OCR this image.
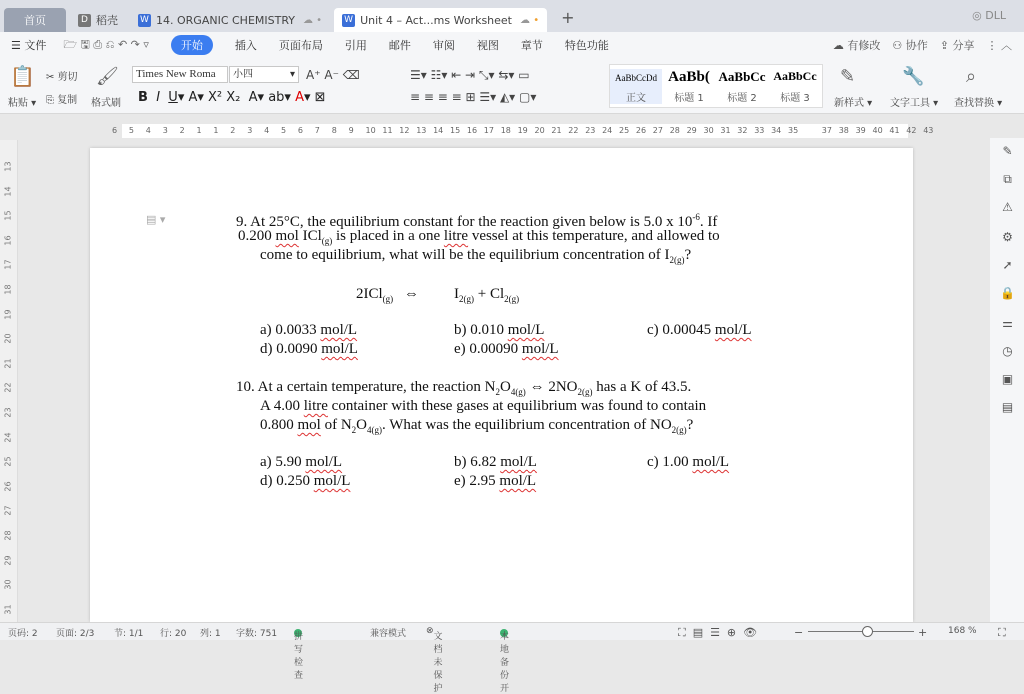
首页	D 稻壳 W 14. ORGANIC CHEMISTRY ☁ • W Unit 4 – Act...ms Worksheet ☁ • +	◎ DLL
☰ 文件 🗁 🖫 ⎙ ⎌ ↶ ↷ ▿	开始	插入 页面布局 引用 邮件 审阅 视图 章节 特色功能	☁ 有修改 ⚇ 协作 ⇪ 分享 ⋮ ︿
📋
粘贴 ▾
✂ 剪切
⎘ 复制
🖌
格式刷
Times New Roma	小四	▾ A⁺ A⁻ ⌫
B I U▾ A▾ X² X₂  A▾ ab▾ A▾ ⊠
☰▾ ☷▾ ⇤ ⇥ ⤡▾ ⇆▾ ▭
≡ ≡ ≡ ≡ ⊞ ☰▾ ◭▾ ▢▾
AaBbCcDd
正文
AaBb(
标题 1
AaBbCc
标题 2
AaBbCc
标题 3
✎
新样式 ▾
🔧
文字工具 ▾
⌕
查找替换 ▾
6 5 4 3 2 1 1 2 3 4 5 6 7 8 9 10 11 12 13 14 15 16 17 18 19 20 21 22 23 24 25 26 27 28 29 30 31 32 33 34 35	37 38 39 40 41 42 43
13
14
15
16
17
18
19
20
21
22
23
24
25
26
27
28
29
30
31
▤ ▾	9. At 25°C, the equilibrium constant for the reaction given below is 5.0 x $10^{-6}$. If
0.200 mol ICl$_{(g)}$ is placed in a one litre vessel at this temperature, and allowed to
come to equilibrium, what will be the equilibrium concentration of $I_{2(g)}$?
2ICl$_{(g)}$ ⇔ $I_{2(g)} + Cl_{2(g)}$
a) 0.0033 mol/L	b) 0.010 mol/L	c) 0.00045 mol/L
d) 0.0090 mol/L	e) 0.00090 mol/L
10. At a certain temperature, the reaction $N_2O_{4(g)}$ ⇔ $2NO_{2(g)}$ has a K of 43.5.
A 4.00 litre container with these gases at equilibrium was found to contain
0.800 mol of $N_2O_{4(g)}$. What was the equilibrium concentration of $NO_{2(g)}$?
a) 5.90 mol/L	b) 6.82 mol/L	c) 1.00 mol/L
d) 0.250 mol/L	e) 2.95 mol/L
✎
⧉
⚠
⚙
➚
🔒
⚌
◷
▣
▤
页码: 2 页面: 2/3 节: 1/1 行: 20 列: 1 字数: 751 拼写检查
兼容模式 ⊗
文档未保护
本地备份开
⛶  ▤  ☰  ⊕  👁	−	+ 168 % ⛶
